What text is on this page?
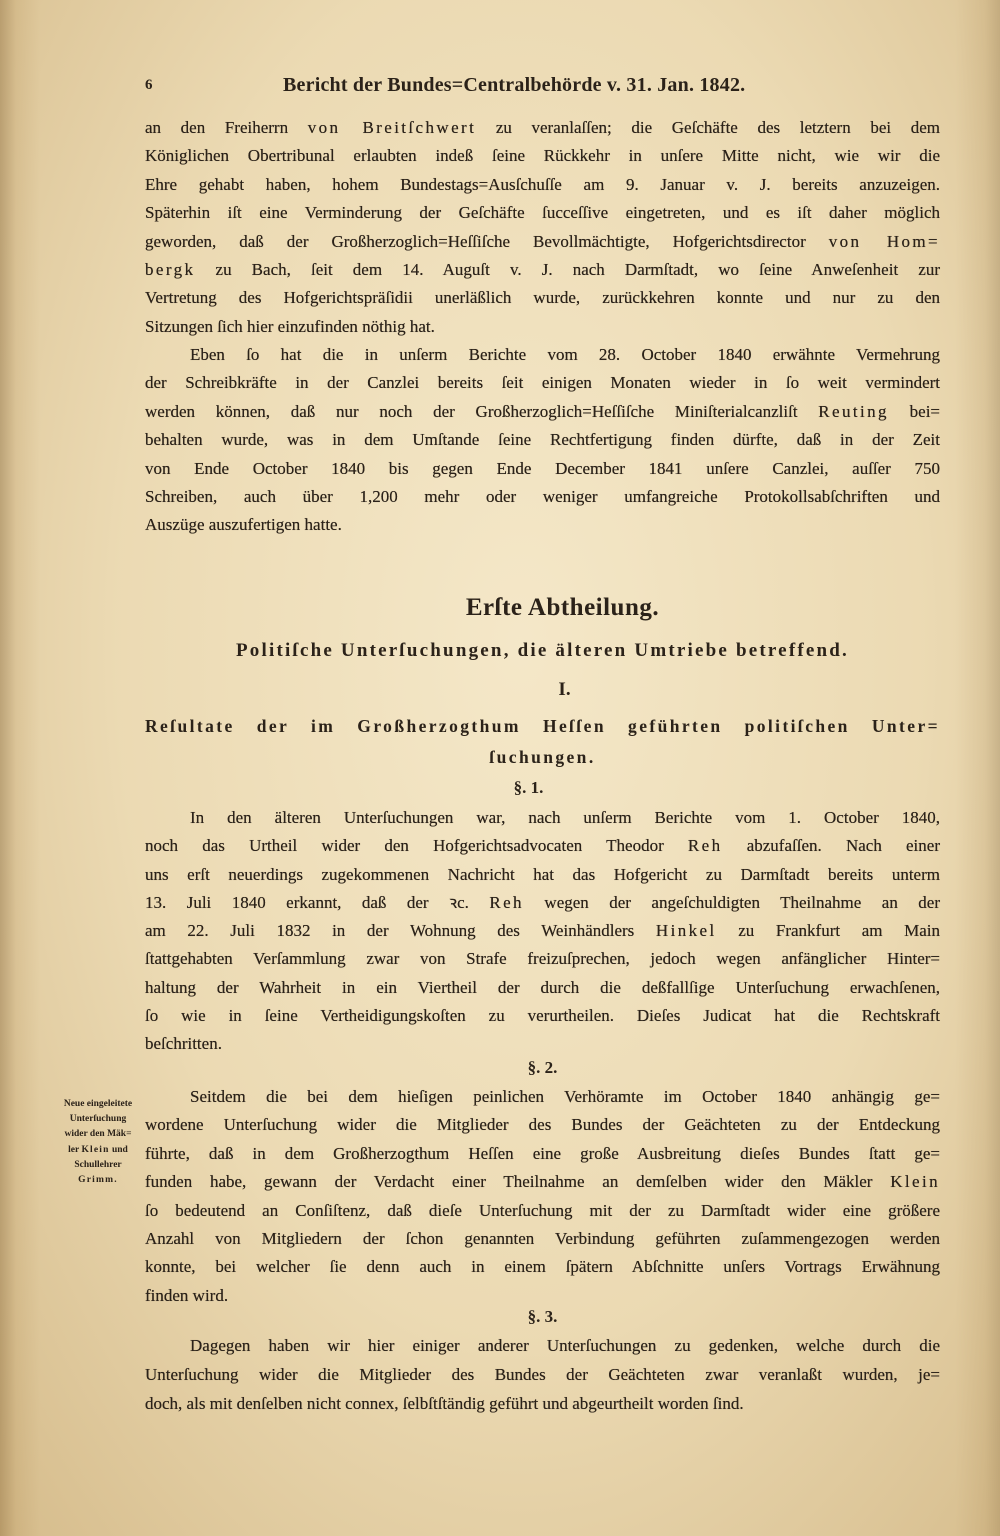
6	Bericht der Bundes=Centralbehörde v. 31. Jan. 1842.
an den Freiherrn von Breitſchwert zu veranlaſſen; die Geſchäfte des letztern bei dem
Königlichen Obertribunal erlaubten indeß ſeine Rückkehr in unſere Mitte nicht, wie wir die
Ehre gehabt haben, hohem Bundestags=Ausſchuſſe am 9. Januar v. J. bereits anzuzeigen.
Späterhin iſt eine Verminderung der Geſchäfte ſucceſſive eingetreten, und es iſt daher möglich
geworden, daß der Großherzoglich=Heſſiſche Bevollmächtigte, Hofgerichtsdirector von Hom=
bergk zu Bach, ſeit dem 14. Auguſt v. J. nach Darmſtadt, wo ſeine Anweſenheit zur
Vertretung des Hofgerichtspräſidii unerläßlich wurde, zurückkehren konnte und nur zu den
Sitzungen ſich hier einzufinden nöthig hat.
Eben ſo hat die in unſerm Berichte vom 28. October 1840 erwähnte Vermehrung
der Schreibkräfte in der Canzlei bereits ſeit einigen Monaten wieder in ſo weit vermindert
werden können, daß nur noch der Großherzoglich=Heſſiſche Miniſterialcanzliſt Reuting bei=
behalten wurde, was in dem Umſtande ſeine Rechtfertigung finden dürfte, daß in der Zeit
von Ende October 1840 bis gegen Ende December 1841 unſere Canzlei, auſſer 750
Schreiben, auch über 1,200 mehr oder weniger umfangreiche Protokollsabſchriften und
Auszüge auszufertigen hatte.
Erſte Abtheilung.
Politiſche Unterſuchungen, die älteren Umtriebe betreffend.
I.
Reſultate der im Großherzogthum Heſſen geführten politiſchen Unter=
ſuchungen.
§. 1.
In den älteren Unterſuchungen war, nach unſerm Berichte vom 1. October 1840,
noch das Urtheil wider den Hofgerichtsadvocaten Theodor Reh abzufaſſen. Nach einer
uns erſt neuerdings zugekommenen Nachricht hat das Hofgericht zu Darmſtadt bereits unterm
13. Juli 1840 erkannt, daß der ꝛc. Reh wegen der angeſchuldigten Theilnahme an der
am 22. Juli 1832 in der Wohnung des Weinhändlers Hinkel zu Frankfurt am Main
ſtattgehabten Verſammlung zwar von Strafe freizuſprechen, jedoch wegen anfänglicher Hinter=
haltung der Wahrheit in ein Viertheil der durch die deßfallſige Unterſuchung erwachſenen,
ſo wie in ſeine Vertheidigungskoſten zu verurtheilen. Dieſes Judicat hat die Rechtskraft
beſchritten.
§. 2.
Neue eingeleitete
Unterſuchung
wider den Mäk=
ler Klein und
Schullehrer
Grimm.
Seitdem die bei dem hieſigen peinlichen Verhöramte im October 1840 anhängig ge=
wordene Unterſuchung wider die Mitglieder des Bundes der Geächteten zu der Entdeckung
führte, daß in dem Großherzogthum Heſſen eine große Ausbreitung dieſes Bundes ſtatt ge=
funden habe, gewann der Verdacht einer Theilnahme an demſelben wider den Mäkler Klein
ſo bedeutend an Conſiſtenz, daß dieſe Unterſuchung mit der zu Darmſtadt wider eine größere
Anzahl von Mitgliedern der ſchon genannten Verbindung geführten zuſammengezogen werden
konnte, bei welcher ſie denn auch in einem ſpätern Abſchnitte unſers Vortrags Erwähnung
finden wird.
§. 3.
Dagegen haben wir hier einiger anderer Unterſuchungen zu gedenken, welche durch die
Unterſuchung wider die Mitglieder des Bundes der Geächteten zwar veranlaßt wurden, je=
doch, als mit denſelben nicht connex, ſelbſtſtändig geführt und abgeurtheilt worden ſind.
